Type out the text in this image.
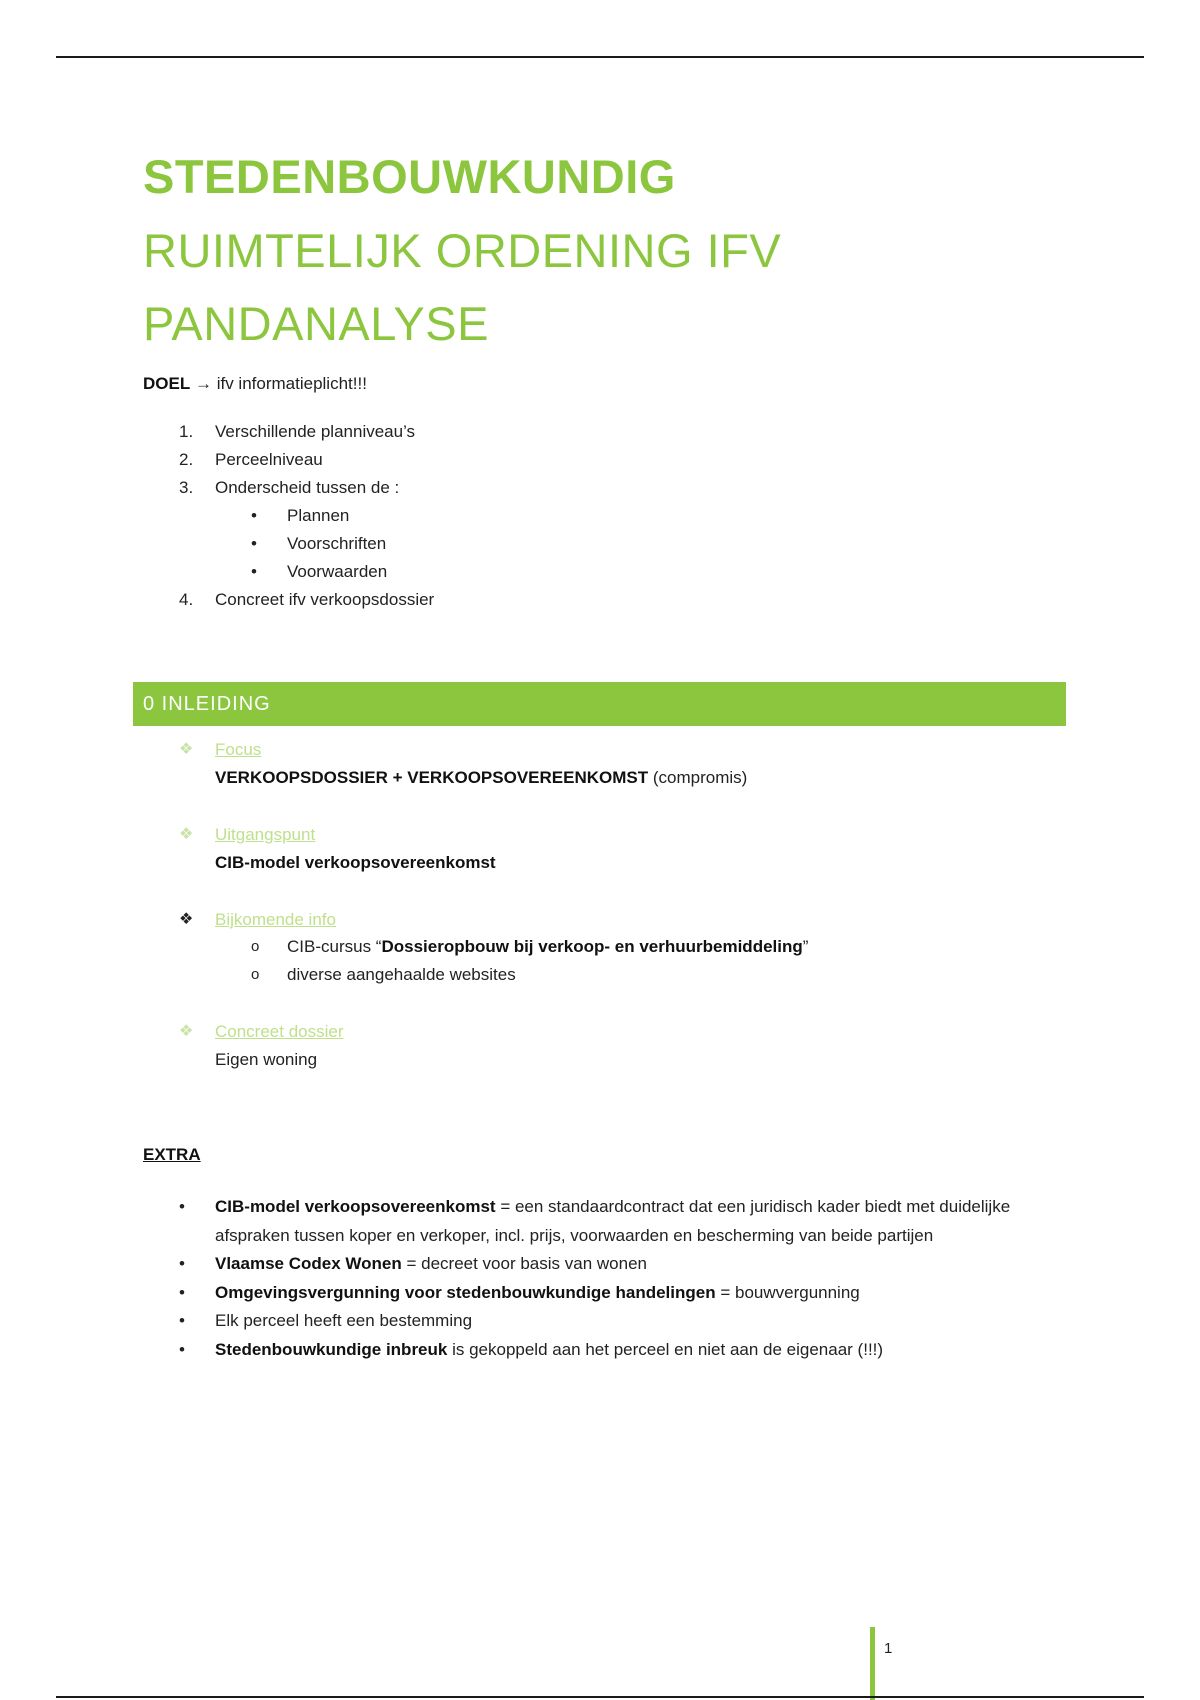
STEDENBOUWKUNDIG
RUIMTELIJK ORDENING IFV
PANDANALYSE
DOEL → ifv informatieplicht!!!
1.	Verschillende planniveau’s
2.	Perceelniveau
3.	Onderscheid tussen de :
• Plannen
• Voorschriften
• Voorwaarden
4.	Concreet ifv verkoopsdossier
0 INLEIDING
❖ Focus
VERKOOPSDOSSIER + VERKOOPSOVEREENKOMST (compromis)
❖ Uitgangspunt
CIB-model verkoopsovereenkomst
❖ Bijkomende info
o CIB-cursus “Dossieropbouw bij verkoop- en verhuurbemiddeling”
o diverse aangehaalde websites
❖ Concreet dossier
Eigen woning
EXTRA
• CIB-model verkoopsovereenkomst = een standaardcontract dat een juridisch kader biedt met duidelijke afspraken tussen koper en verkoper, incl. prijs, voorwaarden en bescherming van beide partijen
• Vlaamse Codex Wonen = decreet voor basis van wonen
• Omgevingsvergunning voor stedenbouwkundige handelingen = bouwvergunning
• Elk perceel heeft een bestemming
• Stedenbouwkundige inbreuk is gekoppeld aan het perceel en niet aan de eigenaar (!!!)
1
